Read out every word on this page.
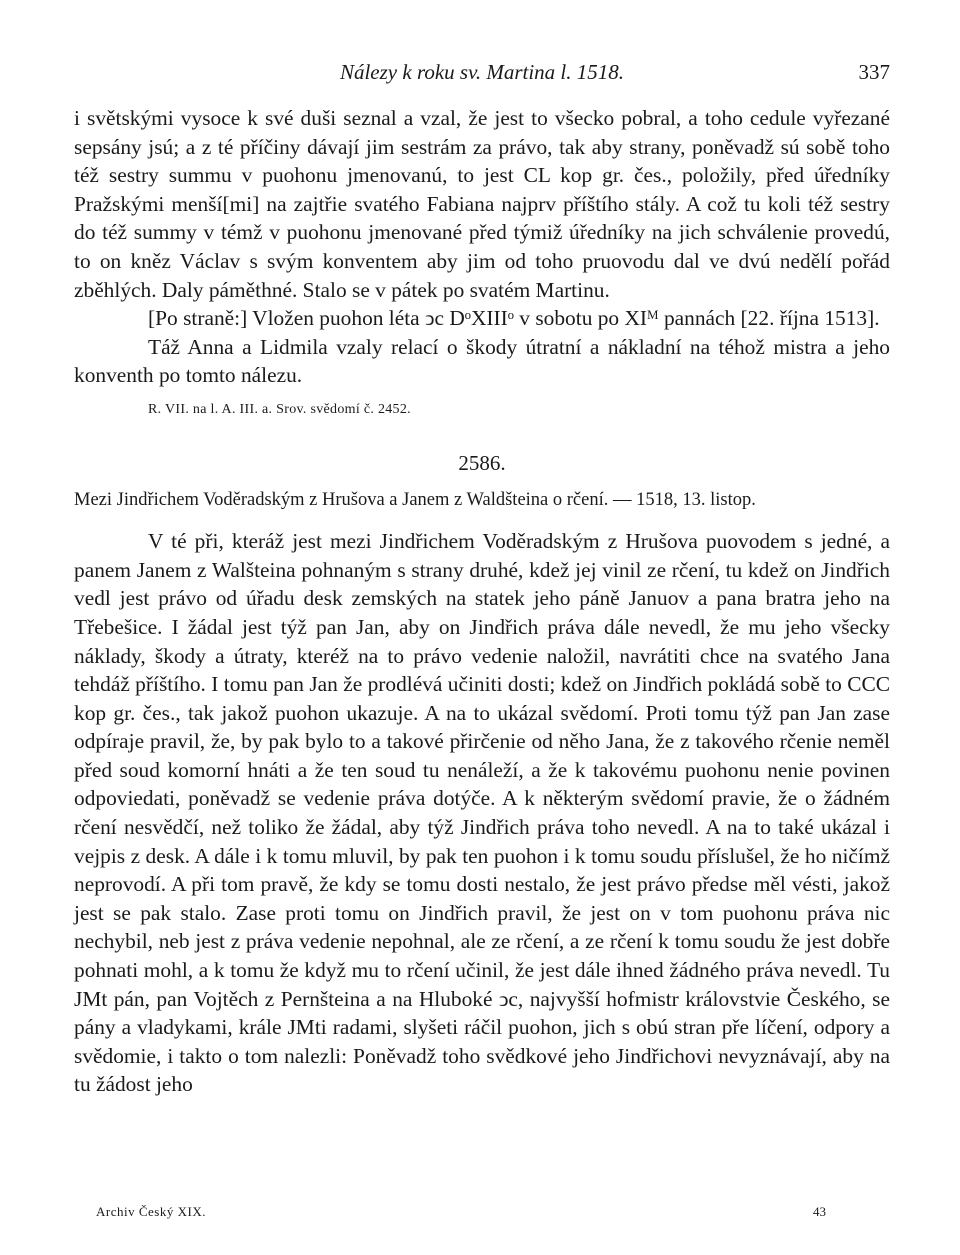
Nálezy k roku sv. Martina l. 1518.	337

i světskými vysoce k své duši seznal a vzal, že jest to všecko pobral, a toho cedule vyřezané sepsány jsú; a z té příčiny dávají jim sestrám za právo, tak aby strany, poněvadž sú sobě toho též sestry summu v puohonu jmenovanú, to jest CL kop gr. čes., položily, před úředníky Pražskými menší[mi] na zajtřie svatého Fabiana najprv příštího stály. A což tu koli též sestry do též summy v témž v puohonu jmenované před týmiž úředníky na jich schválenie provedú, to on kněz Václav s svým konventem aby jim od toho pruovodu dal ve dvú nedělí pořád zběhlých. Daly páměthné. Stalo se v pátek po svatém Martinu.

[Po straně:] Vložen puohon léta ↄc DᵒXIIIᵒ v sobotu po XIᴹ pannách [22. října 1513].

Táž Anna a Lidmila vzaly relací o škody útratní a nákladní na téhož mistra a jeho konventh po tomto nálezu.

R. VII. na l. A. III. a. Srov. svědomí č. 2452.

2586.

Mezi Jindřichem Voděradským z Hrušova a Janem z Waldšteina o rčení. — 1518, 13. listop.

V té při, kteráž jest mezi Jindřichem Voděradským z Hrušova puovodem s jedné, a panem Janem z Walšteina pohnaným s strany druhé, kdež jej vinil ze rčení, tu kdež on Jindřich vedl jest právo od úřadu desk zemských na statek jeho páně Januov a pana bratra jeho na Třebešice. I žádal jest týž pan Jan, aby on Jindřich práva dále nevedl, že mu jeho všecky náklady, škody a útraty, kteréž na to právo vedenie naložil, navrátiti chce na svatého Jana tehdáž příštího. I tomu pan Jan že prodlévá učiniti dosti; kdež on Jindřich pokládá sobě to CCC kop gr. čes., tak jakož puohon ukazuje. A na to ukázal svědomí. Proti tomu týž pan Jan zase odpíraje pravil, že, by pak bylo to a takové přirčenie od něho Jana, že z takového rčenie neměl před soud komorní hnáti a že ten soud tu nenáleží, a že k takovému puohonu nenie povinen odpoviedati, poněvadž se vedenie práva dotýče. A k některým svědomí pravie, že o žádném rčení nesvědčí, než toliko že žádal, aby týž Jindřich práva toho nevedl. A na to také ukázal i vejpis z desk. A dále i k tomu mluvil, by pak ten puohon i k tomu soudu příslušel, že ho ničímž neprovodí. A při tom pravě, že kdy se tomu dosti nestalo, že jest právo předse měl vésti, jakož jest se pak stalo. Zase proti tomu on Jindřich pravil, že jest on v tom puohonu práva nic nechybil, neb jest z práva vedenie nepohnal, ale ze rčení, a ze rčení k tomu soudu že jest dobře pohnati mohl, a k tomu že když mu to rčení učinil, že jest dále ihned žádného práva nevedl. Tu JMt pán, pan Vojtěch z Pernšteina a na Hluboké ↄc, najvyšší hofmistr královstvie Českého, se pány a vladykami, krále JMti radami, slyšeti ráčil puohon, jich s obú stran pře líčení, odpory a svědomie, i takto o tom nalezli: Poněvadž toho svědkové jeho Jindřichovi nevyznávají, aby na tu žádost jeho

Archiv Český XIX.	43
